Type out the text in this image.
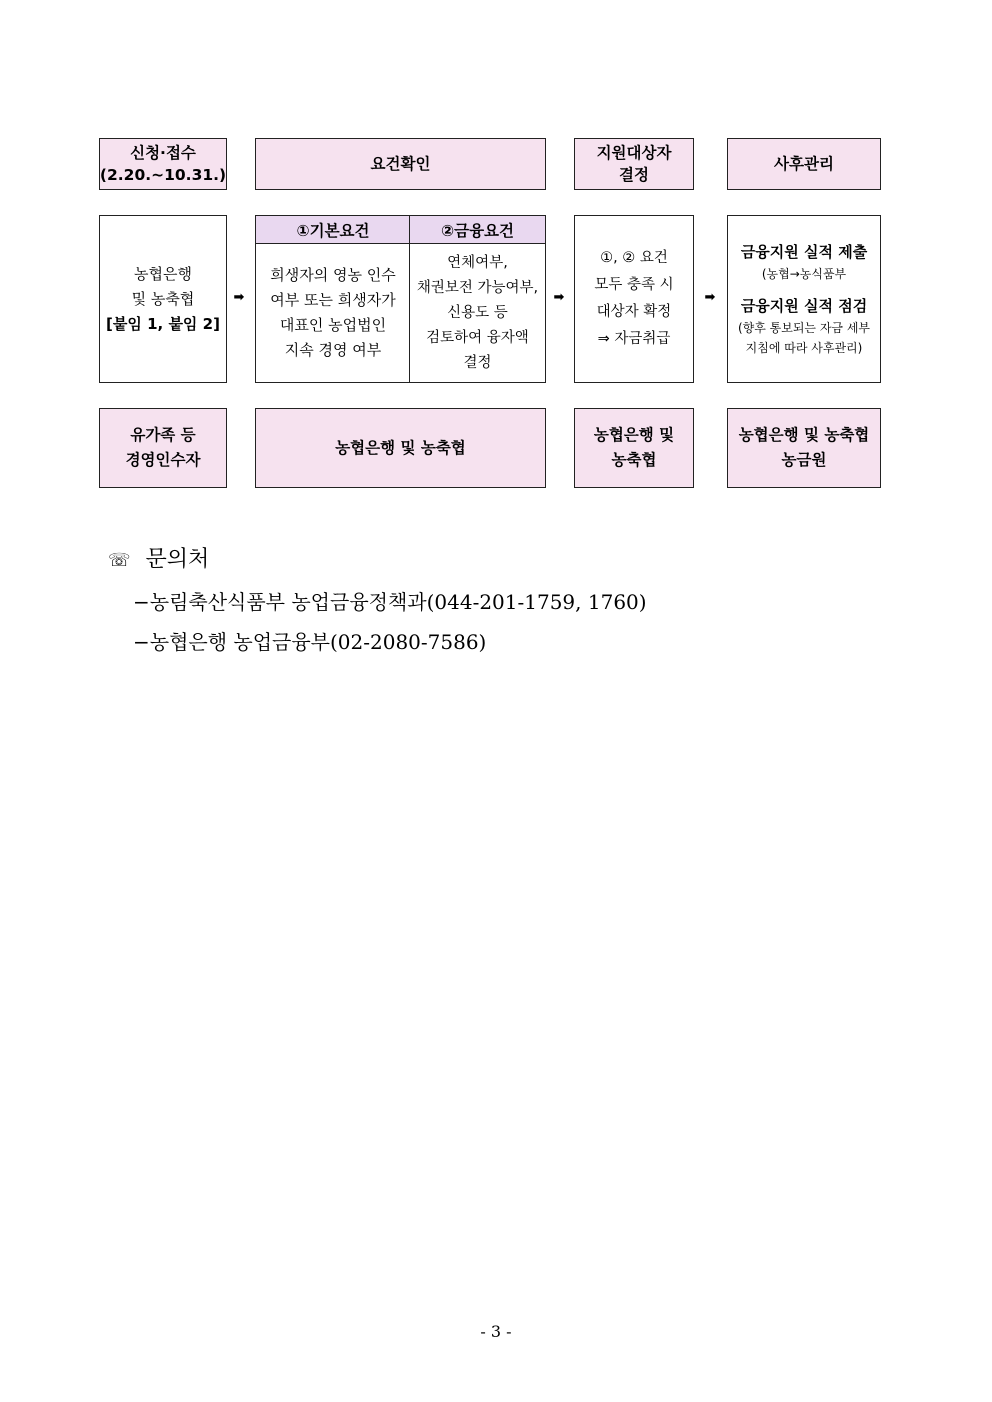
신청·접수
(2.20.~10.31.)
요건확인
지원대상자
결정
사후관리
농협은행
및 농축협
[붙임 1, 붙임 2]
➡
①기본요건	②금융요건
희생자의 영농 인수
여부 또는 희생자가
대표인 농업법인
지속 경영 여부
연체여부,
채권보전 가능여부,
신용도 등
검토하여 융자액
결정
➡
①, ② 요건
모두 충족 시
대상자 확정
⇒ 자금취급
➡
금융지원 실적 제출
(농협→농식품부
금융지원 실적 점검
(향후 통보되는 자금 세부
지침에 따라 사후관리)
유가족 등
경영인수자
농협은행 및 농축협
농협은행 및
농축협
농협은행 및 농축협
농금원
☏ 문의처
−농림축산식품부 농업금융정책과(044-201-1759, 1760)
−농협은행 농업금융부(02-2080-7586)
- 3 -
